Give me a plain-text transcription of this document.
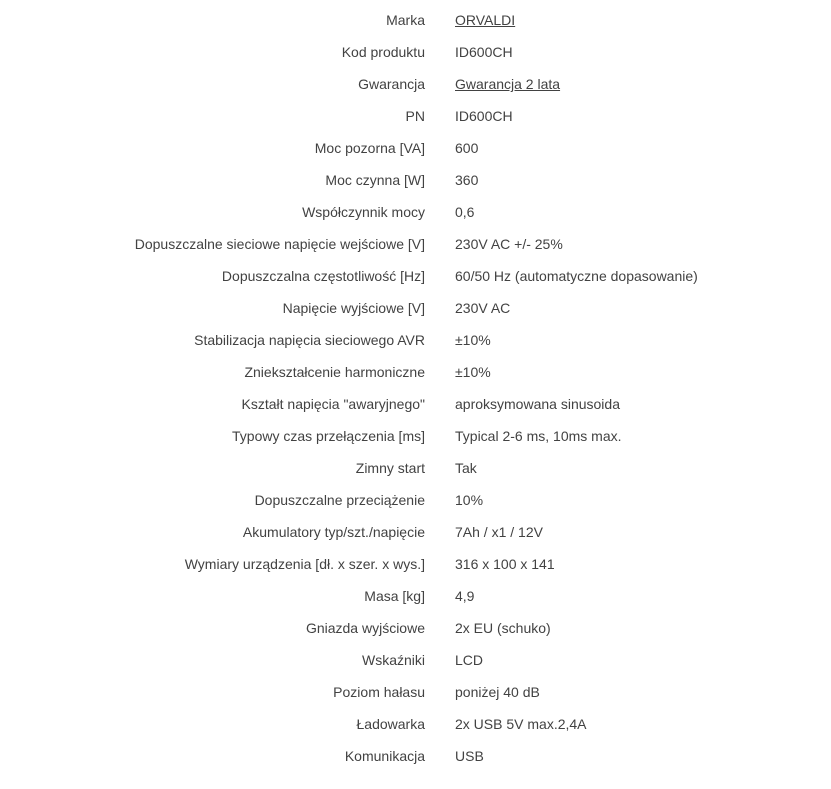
Marka ORVALDI
Kod produktu ID600CH
Gwarancja Gwarancja 2 lata
PN ID600CH
Moc pozorna [VA] 600
Moc czynna [W] 360
Współczynnik mocy 0,6
Dopuszczalne sieciowe napięcie wejściowe [V] 230V AC +/- 25%
Dopuszczalna częstotliwość [Hz] 60/50 Hz (automatyczne dopasowanie)
Napięcie wyjściowe [V] 230V AC
Stabilizacja napięcia sieciowego AVR ±10%
Zniekształcenie harmoniczne ±10%
Kształt napięcia "awaryjnego" aproksymowana sinusoida
Typowy czas przełączenia [ms] Typical 2-6 ms, 10ms max.
Zimny start Tak
Dopuszczalne przeciążenie 10%
Akumulatory typ/szt./napięcie 7Ah / x1 / 12V
Wymiary urządzenia [dł. x szer. x wys.] 316 x 100 x 141
Masa [kg] 4,9
Gniazda wyjściowe 2x EU (schuko)
Wskaźniki LCD
Poziom hałasu poniżej 40 dB
Ładowarka 2x USB 5V max.2,4A
Komunikacja USB
